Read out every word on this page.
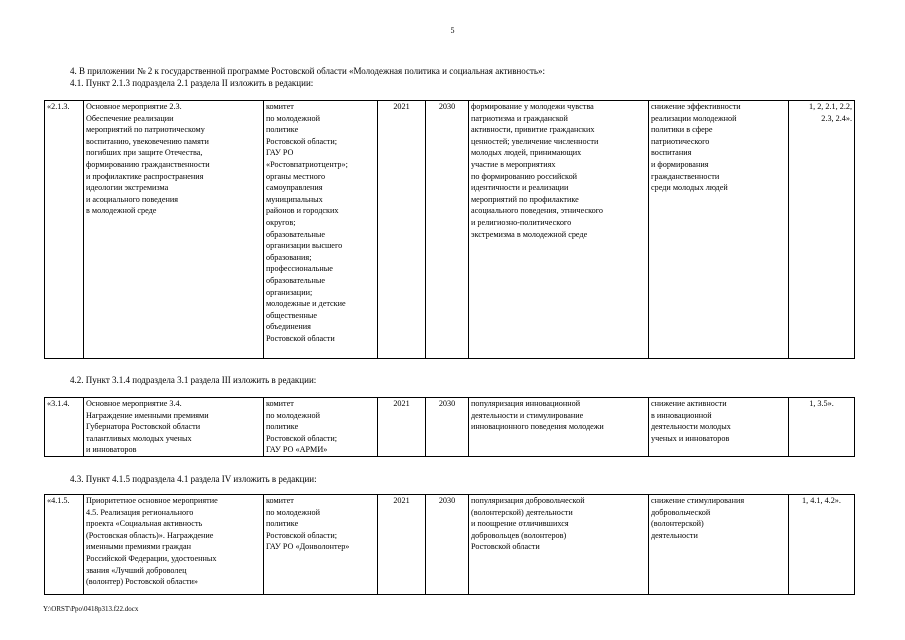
5
4. В приложении № 2 к государственной программе Ростовской области «Молодежная политика и социальная активность»:
4.1. Пункт 2.1.3 подраздела 2.1 раздела II изложить в редакции:
«2.1.3.	Основное мероприятие 2.3.
Обеспечение реализации
мероприятий по патриотическому
воспитанию, увековечению памяти
погибших при защите Отечества,
формированию гражданственности
и профилактике распространения
идеологии экстремизма
и асоциального поведения
в молодежной среде	комитет
по молодежной
политике
Ростовской области;
ГАУ РО
«Ростовпатриотцентр»;
органы местного
самоуправления
муниципальных
районов и городских
округов;
образовательные
организации высшего
образования;
профессиональные
образовательные
организации;
молодежные и детские
общественные
объединения
Ростовской области	2021	2030	формирование у молодежи чувства
патриотизма и гражданской
активности, привитие гражданских
ценностей; увеличение численности
молодых людей, принимающих
участие в мероприятиях
по формированию российской
идентичности и реализации
мероприятий по профилактике
асоциального поведения, этнического
и религиозно-политического
экстремизма в молодежной среде	снижение эффективности
реализации молодежной
политики в сфере
патриотического
воспитания
и формирования
гражданственности
среди молодых людей	1, 2, 2.1, 2.2,
2.3, 2.4».
4.2. Пункт 3.1.4 подраздела 3.1 раздела III изложить в редакции:
«3.1.4.	Основное мероприятие 3.4.
Награждение именными премиями
Губернатора Ростовской области
талантливых молодых ученых
и инноваторов	комитет
по молодежной
политике
Ростовской области;
ГАУ РО «АРМИ»	2021	2030	популяризация инновационной
деятельности и стимулирование
инновационного поведения молодежи	снижение активности
в инновационной
деятельности молодых
ученых и инноваторов	1, 3.5».
4.3. Пункт 4.1.5 подраздела 4.1 раздела IV изложить в редакции:
«4.1.5.	Приоритетное основное мероприятие
4.5. Реализация регионального
проекта «Социальная активность
(Ростовская область)». Награждение
именными премиями граждан
Российской Федерации, удостоенных
звания «Лучший доброволец
(волонтер) Ростовской области»	комитет
по молодежной
политике
Ростовской области;
ГАУ РО «Донволонтер»	2021	2030	популяризация добровольческой
(волонтерской) деятельности
и поощрение отличившихся
добровольцев (волонтеров)
Ростовской области	снижение стимулирования
добровольческой
(волонтерской)
деятельности	1, 4.1, 4.2».
Y:\ORST\Ppo\0418p313.f22.docx
